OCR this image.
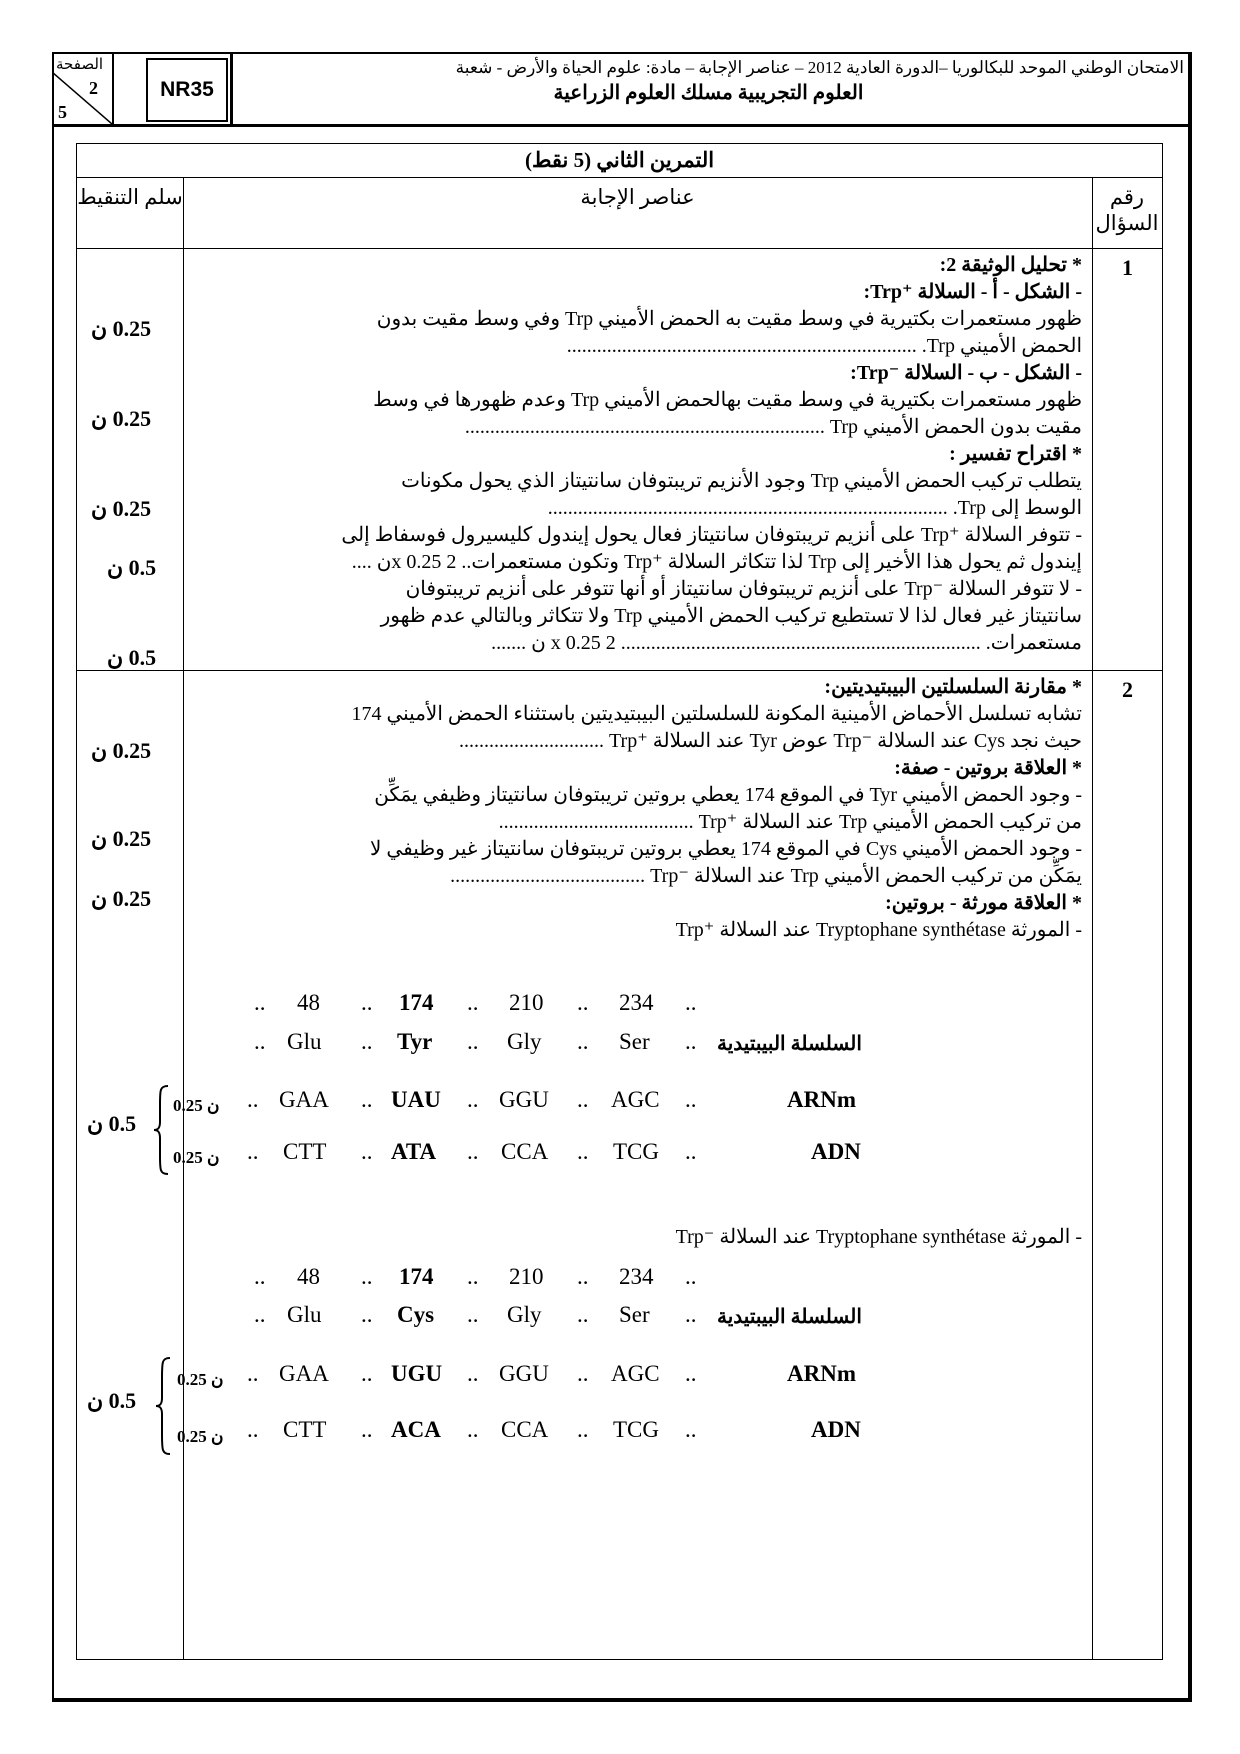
الصفحة
2
5
NR35
الامتحان الوطني الموحد للبكالوريا –الدورة العادية 2012 – عناصر الإجابة – مادة: علوم الحياة والأرض - شعبة
العلوم التجريبية مسلك العلوم الزراعية
التمرين الثاني (5 نقط)
سلم التنقيط	عناصر الإجابة	رقم السؤال
1
* تحليل الوثيقة 2:
- الشكل - أ - السلالة ⁺Trp:
ظهور مستعمرات بكتيرية في وسط مقيت به الحمض الأميني Trp وفي وسط مقيت بدون
الحمض الأميني Trp. ......................................................................
- الشكل - ب - السلالة ⁻Trp:
ظهور مستعمرات بكتيرية في وسط مقيت بهالحمض الأميني Trp وعدم ظهورها في وسط
مقيت بدون الحمض الأميني Trp ........................................................................
* اقتراح تفسير :
يتطلب تركيب الحمض الأميني Trp وجود الأنزيم تريبتوفان سانتيتاز الذي يحول مكونات
الوسط إلى Trp. ................................................................................
- تتوفر السلالة ⁺Trp على أنزيم تريبتوفان سانتيتاز فعال يحول إيندول كليسيرول فوسفاط إلى
إيندول ثم يحول هذا الأخير إلى Trp لذا تتكاثر السلالة ⁺Trp وتكون مستعمرات.. 2 x 0.25ن ....
- لا تتوفر السلالة ⁻Trp على أنزيم تريبتوفان سانتيتاز أو أنها تتوفر على أنزيم تريبتوفان
سانتيتاز غير فعال لذا لا تستطيع تركيب الحمض الأميني Trp ولا تتكاثر وبالتالي عدم ظهور
مستعمرات. ........................................................................ 2 x 0.25 ن .......
0.25 ن
0.25 ن
0.25 ن
0.5 ن
0.5 ن
2
* مقارنة السلسلتين البيبتيديتين:
تشابه تسلسل الأحماض الأمينية المكونة للسلسلتين البيبتيديتين باستثناء الحمض الأميني 174
حيث نجد Cys عند السلالة ⁻Trp عوض Tyr عند السلالة ⁺Trp .............................
* العلاقة بروتين - صفة:
- وجود الحمض الأميني Tyr في الموقع 174 يعطي بروتين تريبتوفان سانتيتاز وظيفي يمَكِّن
من تركيب الحمض الأميني Trp عند السلالة ⁺Trp .......................................
- وجود الحمض الأميني Cys في الموقع 174 يعطي بروتين تريبتوفان سانتيتاز غير وظيفي لا
يمَكِّن من تركيب الحمض الأميني Trp عند السلالة ⁻Trp .......................................
* العلاقة مورثة - بروتين:
- المورثة Tryptophane synthétase عند السلالة ⁺Trp
- المورثة Tryptophane synthétase عند السلالة ⁻Trp
0.25 ن
0.25 ن
0.25 ن
.. 48 .. 174 .. 210 .. 234 ..
.. Glu .. Tyr .. Gly .. Ser .. السلسلة البيبتيدية
0.25 ن .. GAA .. UAU .. GGU .. AGC ..	ARNm
0.25 ن .. CTT .. ATA .. CCA .. TCG ..	ADN
0.5 ن
.. 48 .. 174 .. 210 .. 234 ..
.. Glu .. Cys .. Gly .. Ser .. السلسلة البيبتيدية
0.25 ن .. GAA .. UGU .. GGU .. AGC ..	ARNm
0.25 ن .. CTT .. ACA .. CCA .. TCG ..	ADN
0.5 ن
